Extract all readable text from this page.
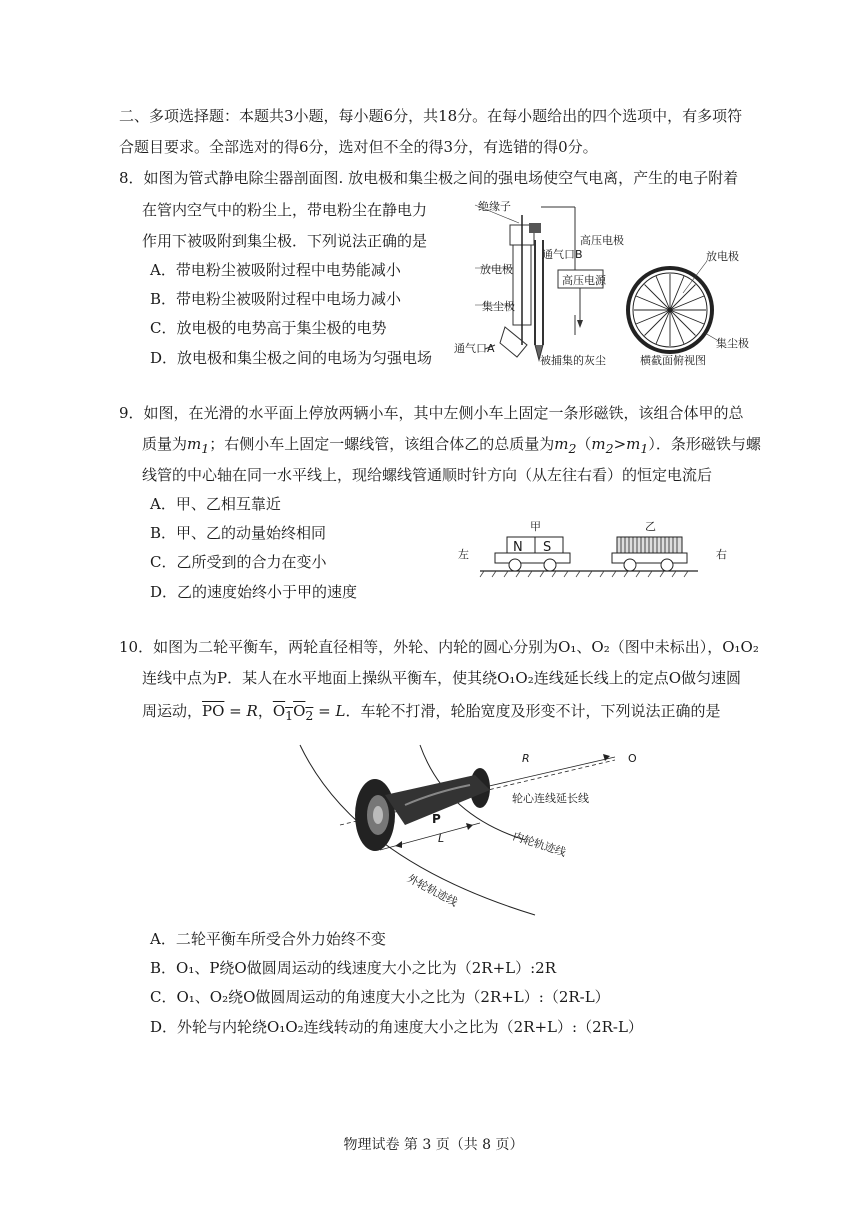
二、多项选择题：本题共3小题，每小题6分，共18分。在每小题给出的四个选项中，有多项符
合题目要求。全部选对的得6分，选对但不全的得3分，有选错的得0分。
8．如图为管式静电除尘器剖面图. 放电极和集尘极之间的强电场使空气电离，产生的电子附着
在管内空气中的粉尘上，带电粉尘在静电力
作用下被吸附到集尘极．下列说法正确的是
A．带电粉尘被吸附过程中电势能减小
B．带电粉尘被吸附过程中电场力减小
C．放电极的电势高于集尘极的电势
D．放电极和集尘极之间的电场为匀强电场
绝缘子
高压电极
通气口B
放电极
高压电源
集尘极
通气口A
被捕集的灰尘
放电极
集尘极
横截面俯视图
9．如图，在光滑的水平面上停放两辆小车，其中左侧小车上固定一条形磁铁，该组合体甲的总
质量为$m_1$；右侧小车上固定一螺线管，该组合体乙的总质量为$m_2(m_2>m_1)$．条形磁铁与螺
线管的中心轴在同一水平线上，现给螺线管通顺时针方向（从左往右看）的恒定电流后
A．甲、乙相互靠近
B．甲、乙的动量始终相同
C．乙所受到的合力在变小
D．乙的速度始终小于甲的速度
N S
甲	乙
左	右
10．如图为二轮平衡车，两轮直径相等，外轮、内轮的圆心分别为O₁、O₂（图中未标出），O₁O₂
连线中点为P．某人在水平地面上操纵平衡车，使其绕O₁O₂连线延长线上的定点O做匀速圆
周运动，$\overline{PO} = R$，$O_1O_2 = L$．车轮不打滑，轮胎宽度及形变不计，下列说法正确的是
R	O
轮心连线延长线
P
L	内轮轨迹线
外轮轨迹线
A．二轮平衡车所受合外力始终不变
B．O₁、P绕O做圆周运动的线速度大小之比为（2R+L）:2R
C．O₁、O₂绕O做圆周运动的角速度大小之比为（2R+L）:（2R-L）
D．外轮与内轮绕O₁O₂连线转动的角速度大小之比为（2R+L）:（2R-L）
物理试卷 第 3 页（共 8 页）
